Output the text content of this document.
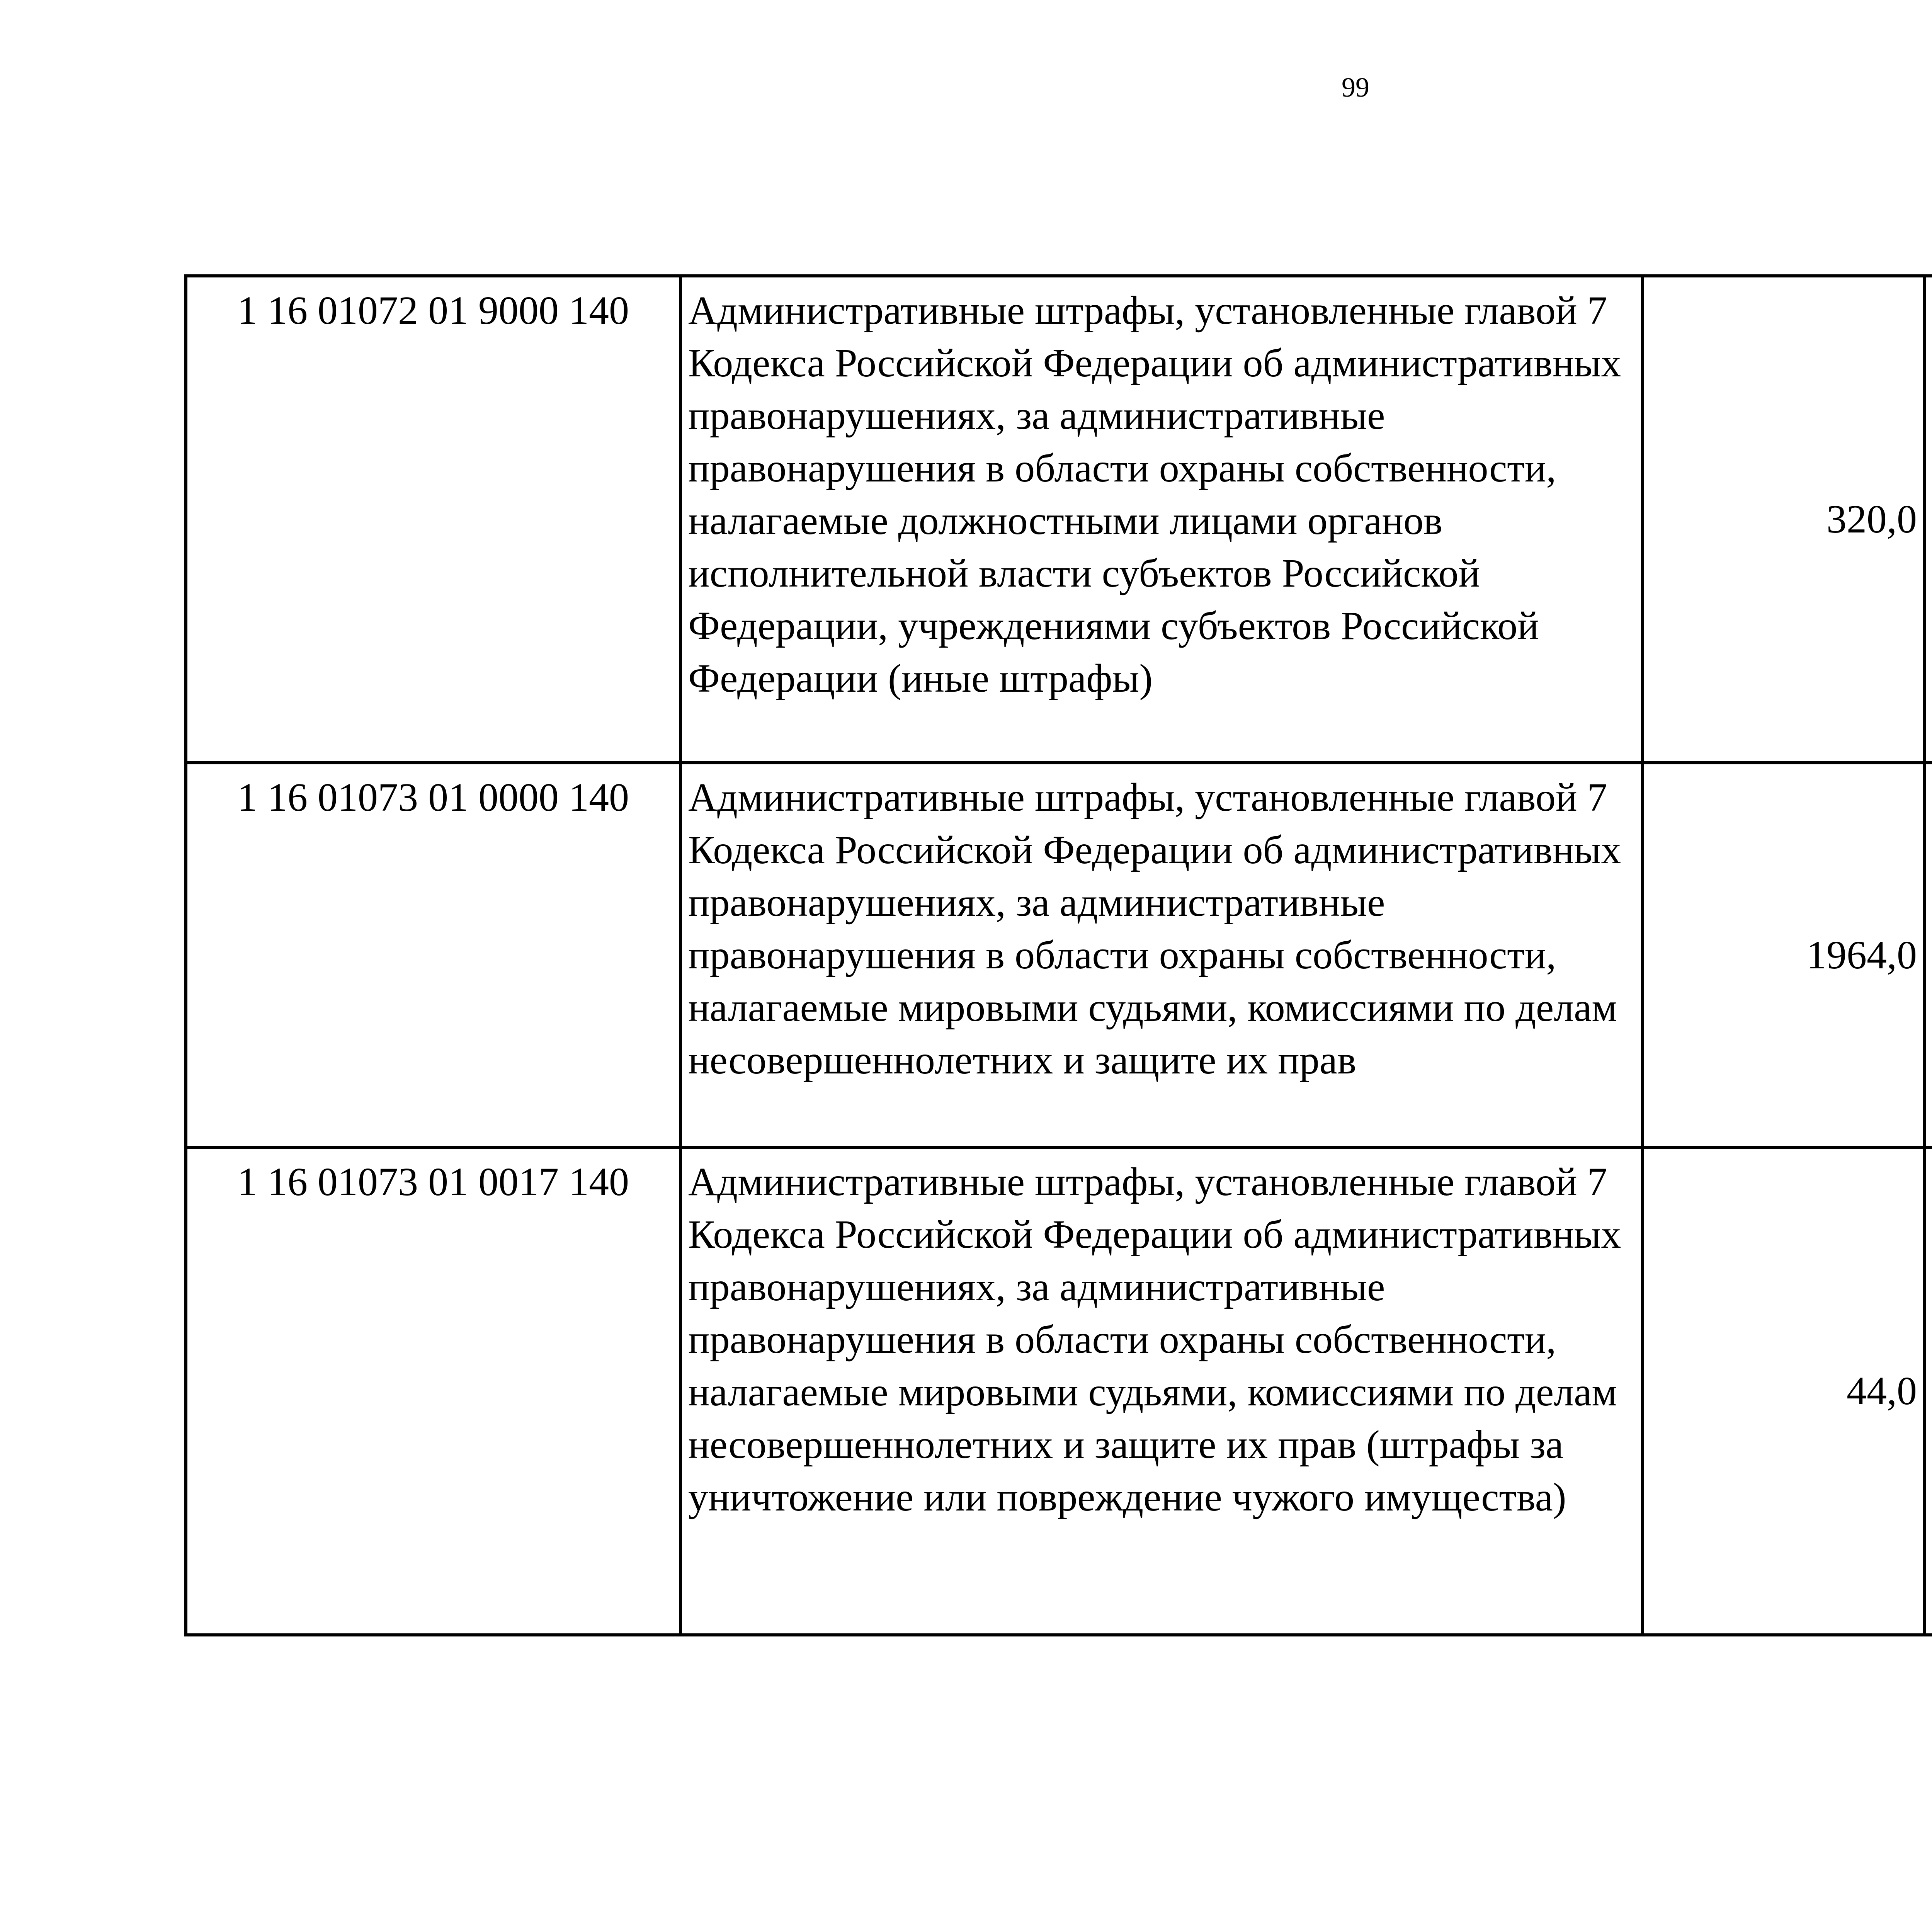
99
1 16 01072 01 9000 140	Административные штрафы, установленные главой 7 Кодекса Российской Федерации об административных правонарушениях, за административные правонарушения в области охраны собственности, налагаемые должностными лицами органов исполнительной власти субъектов Российской Федерации, учреждениями субъектов Российской Федерации (иные штрафы)	320,0		
1 16 01073 01 0000 140	Административные штрафы, установленные главой 7 Кодекса Российской Федерации об административных правонарушениях, за административные правонарушения в области охраны собственности, налагаемые мировыми судьями, комиссиями по делам несовершеннолетних и защите их прав	1964,0		
1 16 01073 01 0017 140	Административные штрафы, установленные главой 7 Кодекса Российской Федерации об административных правонарушениях, за административные правонарушения в области охраны собственности, налагаемые мировыми судьями, комиссиями по делам несовершеннолетних и защите их прав (штрафы за уничтожение или повреждение чужого имущества)	44,0		
